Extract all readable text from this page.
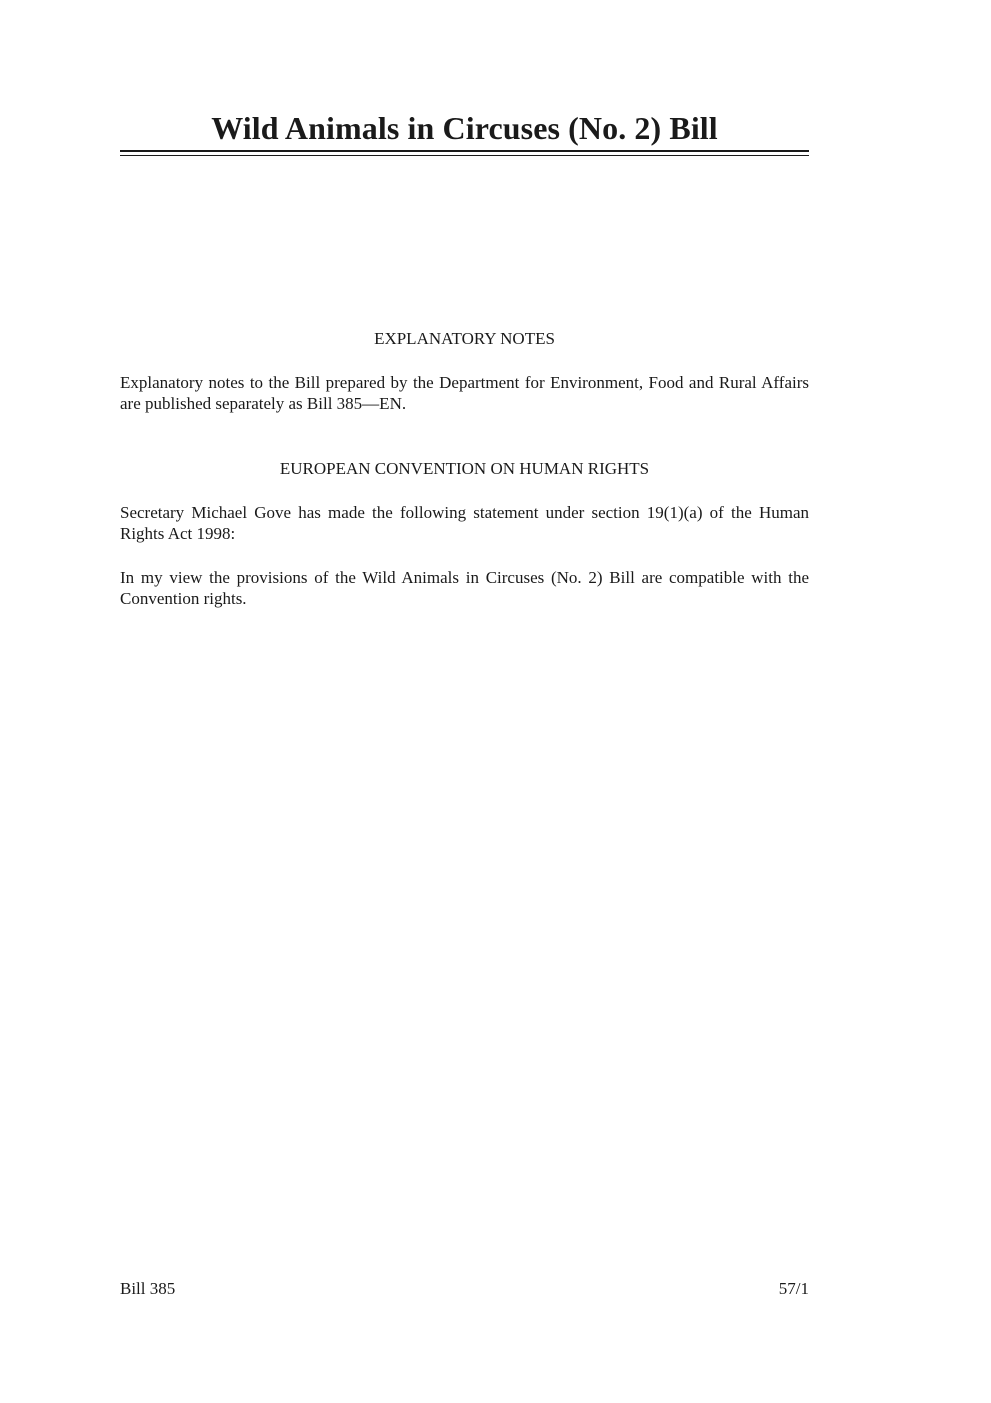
Wild Animals in Circuses (No. 2) Bill
EXPLANATORY NOTES

Explanatory notes to the Bill prepared by the Department for Environment, Food and Rural Affairs are published separately as Bill 385—EN.

EUROPEAN CONVENTION ON HUMAN RIGHTS

Secretary Michael Gove has made the following statement under section 19(1)(a) of the Human Rights Act 1998:

In my view the provisions of the Wild Animals in Circuses (No. 2) Bill are compatible with the Convention rights.

Bill 385	57/1
